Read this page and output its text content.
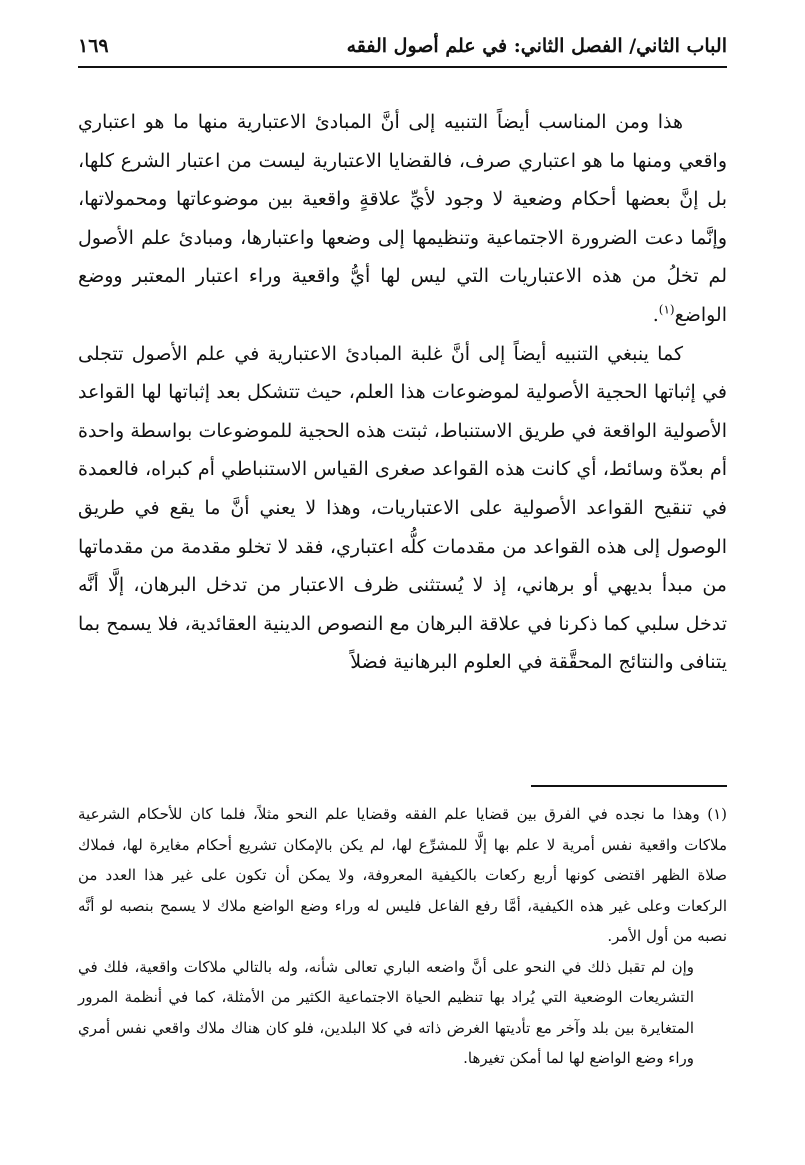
الباب الثاني/ الفصل الثاني: في علم أصول الفقه
١٦٩

هذا ومن المناسب أيضاً التنبيه إلى أنَّ المبادئ الاعتبارية منها ما هو اعتباري واقعي ومنها ما هو اعتباري صرف، فالقضايا الاعتبارية ليست من اعتبار الشرع كلها، بل إنَّ بعضها أحكام وضعية لا وجود لأيِّ علاقةٍ واقعية بين موضوعاتها ومحمولاتها، وإنَّما دعت الضرورة الاجتماعية وتنظيمها إلى وضعها واعتبارها، ومبادئ علم الأصول لم تخلُ من هذه الاعتباريات التي ليس لها أيُّ واقعية وراء اعتبار المعتبر ووضع الواضع$^{(١)}$.

كما ينبغي التنبيه أيضاً إلى أنَّ غلبة المبادئ الاعتبارية في علم الأصول تتجلى في إثباتها الحجية الأصولية لموضوعات هذا العلم، حيث تتشكل بعد إثباتها لها القواعد الأصولية الواقعة في طريق الاستنباط، ثبتت هذه الحجية للموضوعات بواسطة واحدة أم بعدّة وسائط، أي كانت هذه القواعد صغرى القياس الاستنباطي أم كبراه، فالعمدة في تنقيح القواعد الأصولية على الاعتباريات، وهذا لا يعني أنَّ ما يقع في طريق الوصول إلى هذه القواعد من مقدمات كلُّه اعتباري، فقد لا تخلو مقدمة من مقدماتها من مبدأ بديهي أو برهاني، إذ لا يُستثنى ظرف الاعتبار من تدخل البرهان، إلَّا أنَّه تدخل سلبي كما ذكرنا في علاقة البرهان مع النصوص الدينية العقائدية، فلا يسمح بما يتنافى والنتائج المحقَّقة في العلوم البرهانية فضلاً

(١) وهذا ما نجده في الفرق بين قضايا علم الفقه وقضايا علم النحو مثلاً، فلما كان للأحكام الشرعية ملاكات واقعية نفس أمرية لا علم بها إلَّا للمشرِّع لها، لم يكن بالإمكان تشريع أحكام مغايرة لها، فملاك صلاة الظهر اقتضى كونها أربع ركعات بالكيفية المعروفة، ولا يمكن أن تكون على غير هذا العدد من الركعات وعلى غير هذه الكيفية، أمَّا رفع الفاعل فليس له وراء وضع الواضع ملاك لا يسمح بنصبه لو أنَّه نصبه من أول الأمر.

وإن لم تقبل ذلك في النحو على أنَّ واضعه الباري تعالى شأنه، وله بالتالي ملاكات واقعية، فلك في التشريعات الوضعية التي يُراد بها تنظيم الحياة الاجتماعية الكثير من الأمثلة، كما في أنظمة المرور المتغايرة بين بلد وآخر مع تأديتها الغرض ذاته في كلا البلدين، فلو كان هناك ملاك واقعي نفس أمري وراء وضع الواضع لها لما أمكن تغيرها.
